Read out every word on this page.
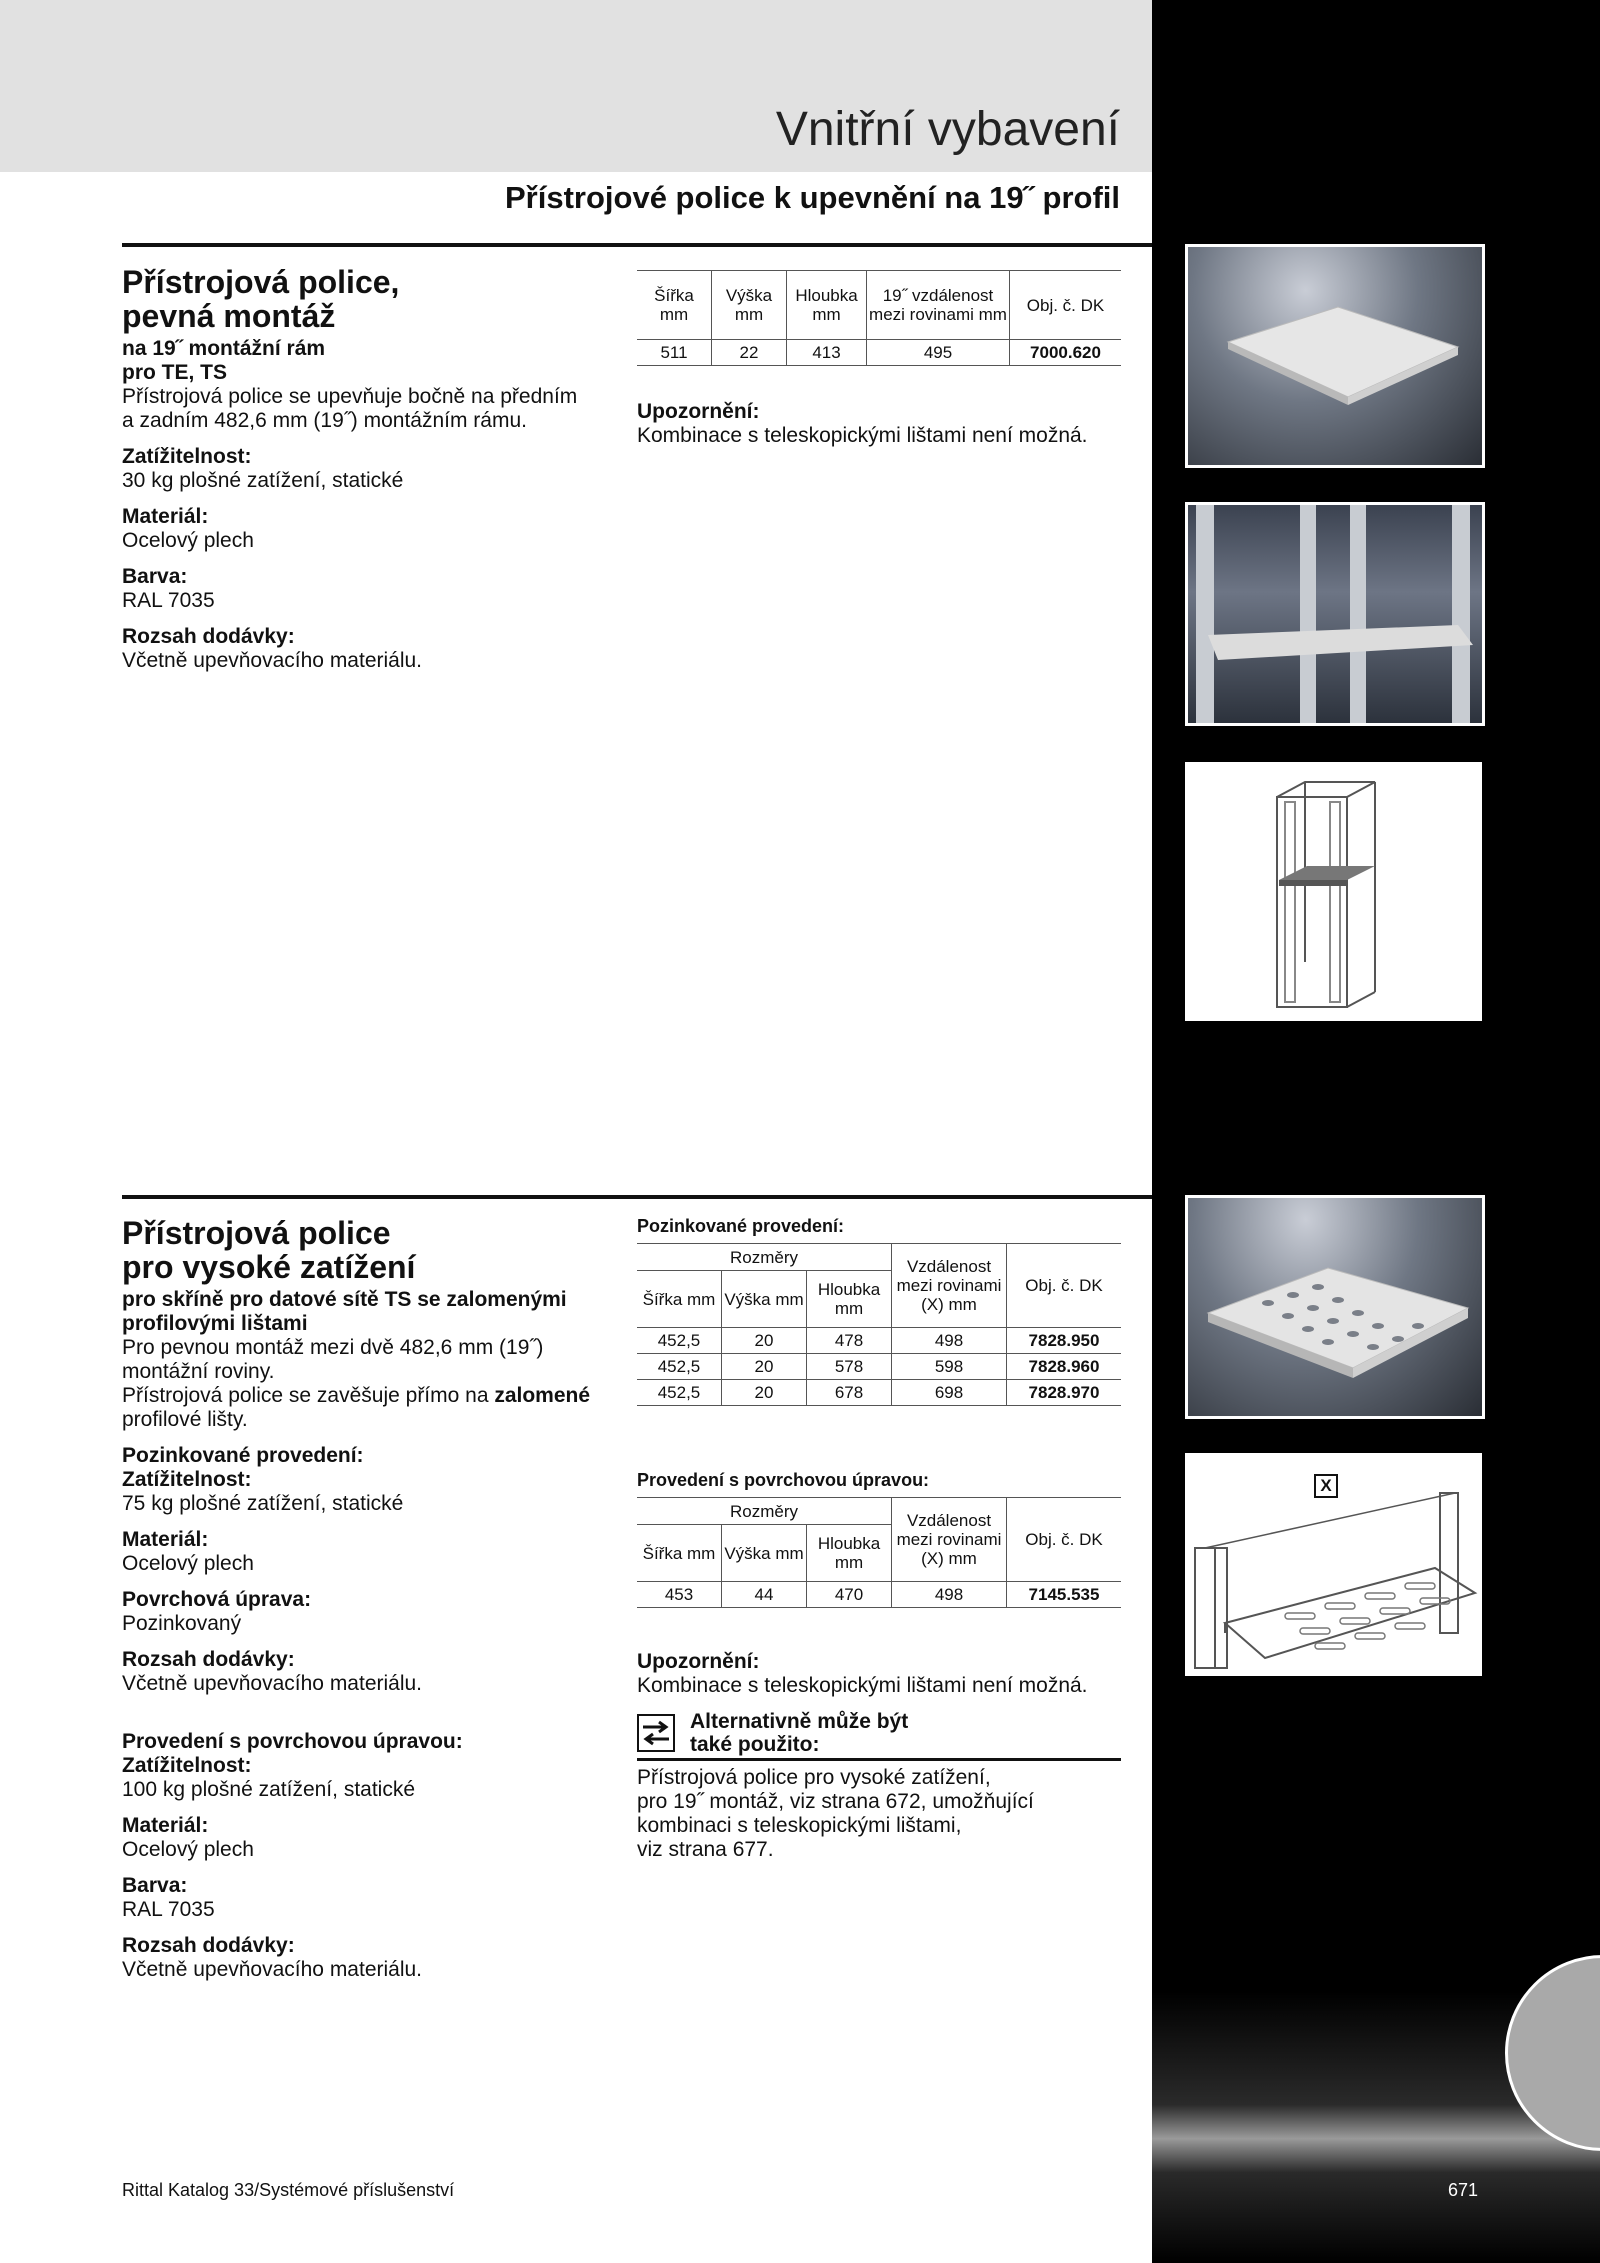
Vnitřní vybavení
Přístrojové police k upevnění na 19˝ profil

Přístrojová police,

pevná montáž

na 19˝ montážní rám

pro TE, TS

Přístrojová police se upevňuje bočně na předním

a zadním 482,6 mm (19˝) montážním rámu.

Zatížitelnost:

30 kg plošné zatížení, statické

Materiál:

Ocelový plech

Barva:

RAL 7035

Rozsah dodávky:

Včetně upevňovacího materiálu.

Šířka mm	Výška mm	Hloubka mm	19˝ vzdálenost mezi rovinami mm	Obj. č. DK
511	22	413	495	7000.620
Upozornění:
Kombinace s teleskopickými lištami není možná.

Přístrojová police

pro vysoké zatížení

pro skříně pro datové sítě TS se zalomenými

profilovými lištami

Pro pevnou montáž mezi dvě 482,6 mm (19˝)

montážní roviny.

Přístrojová police se zavěšuje přímo na zalomené

profilové lišty.

Pozinkované provedení:

Zatížitelnost:

75 kg plošné zatížení, statické

Materiál:

Ocelový plech

Povrchová úprava:

Pozinkovaný

Rozsah dodávky:

Včetně upevňovacího materiálu.

Provedení s povrchovou úpravou:

Zatížitelnost:

100 kg plošné zatížení, statické

Materiál:

Ocelový plech

Barva:

RAL 7035

Rozsah dodávky:

Včetně upevňovacího materiálu.

Pozinkované provedení:
Rozměry			Vzdálenost mezi rovinami (X) mm	Obj. č. DK
Šířka mm	Výška mm	Hloubka mm		
452,5	20	478	498	7828.950
452,5	20	578	598	7828.960
452,5	20	678	698	7828.970
Provedení s povrchovou úpravou:
Rozměry			Vzdálenost mezi rovinami (X) mm	Obj. č. DK
Šířka mm	Výška mm	Hloubka mm		
453	44	470	498	7145.535
Upozornění:
Kombinace s teleskopickými lištami není možná.
Alternativně může být
také použito:
Přístrojová police pro vysoké zatížení,
pro 19˝ montáž, viz strana 672, umožňující
kombinaci s teleskopickými lištami,
viz strana 677.
X
Rittal Katalog 33/Systémové příslušenství	671
